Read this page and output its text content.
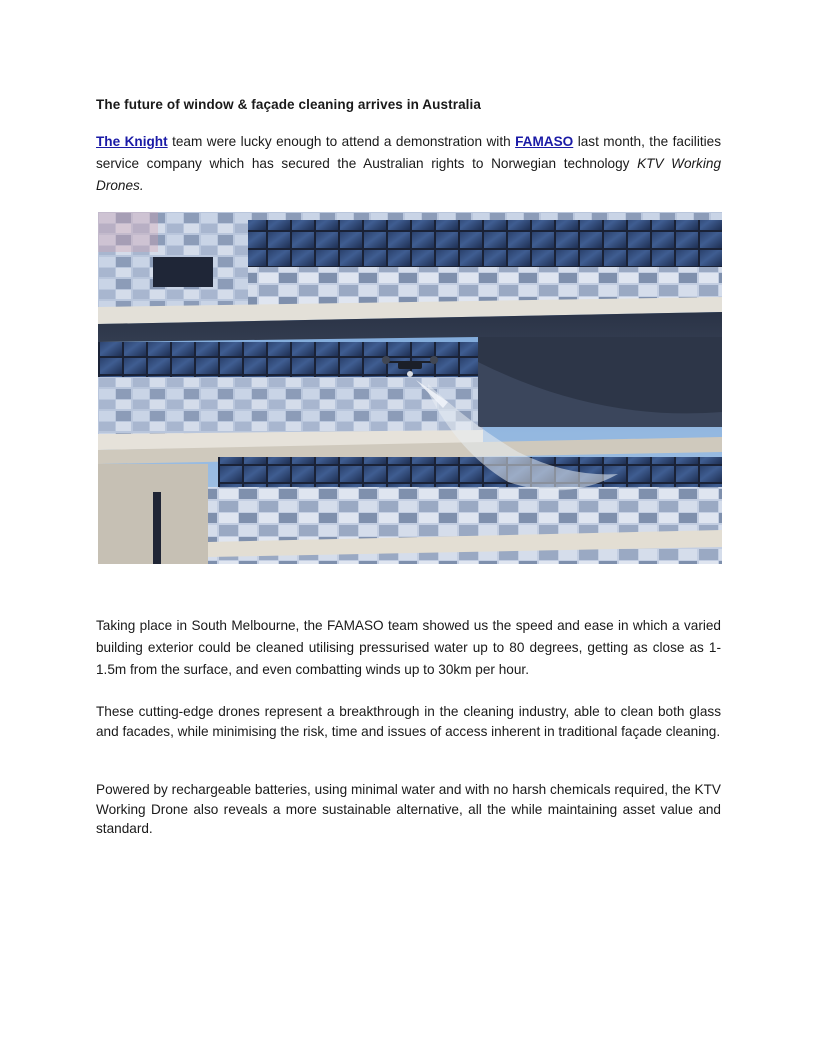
The future of window & façade cleaning arrives in Australia
The Knight team were lucky enough to attend a demonstration with FAMASO last month, the facilities service company which has secured the Australian rights to Norwegian technology KTV Working Drones.
Taking place in South Melbourne, the FAMASO team showed us the speed and ease in which a varied building exterior could be cleaned utilising pressurised water up to 80 degrees, getting as close as 1-1.5m from the surface, and even combatting winds up to 30km per hour.
These cutting-edge drones represent a breakthrough in the cleaning industry, able to clean both glass and facades, while minimising the risk, time and issues of access inherent in traditional façade cleaning.
Powered by rechargeable batteries, using minimal water and with no harsh chemicals required, the KTV Working Drone also reveals a more sustainable alternative, all the while maintaining asset value and standard.
